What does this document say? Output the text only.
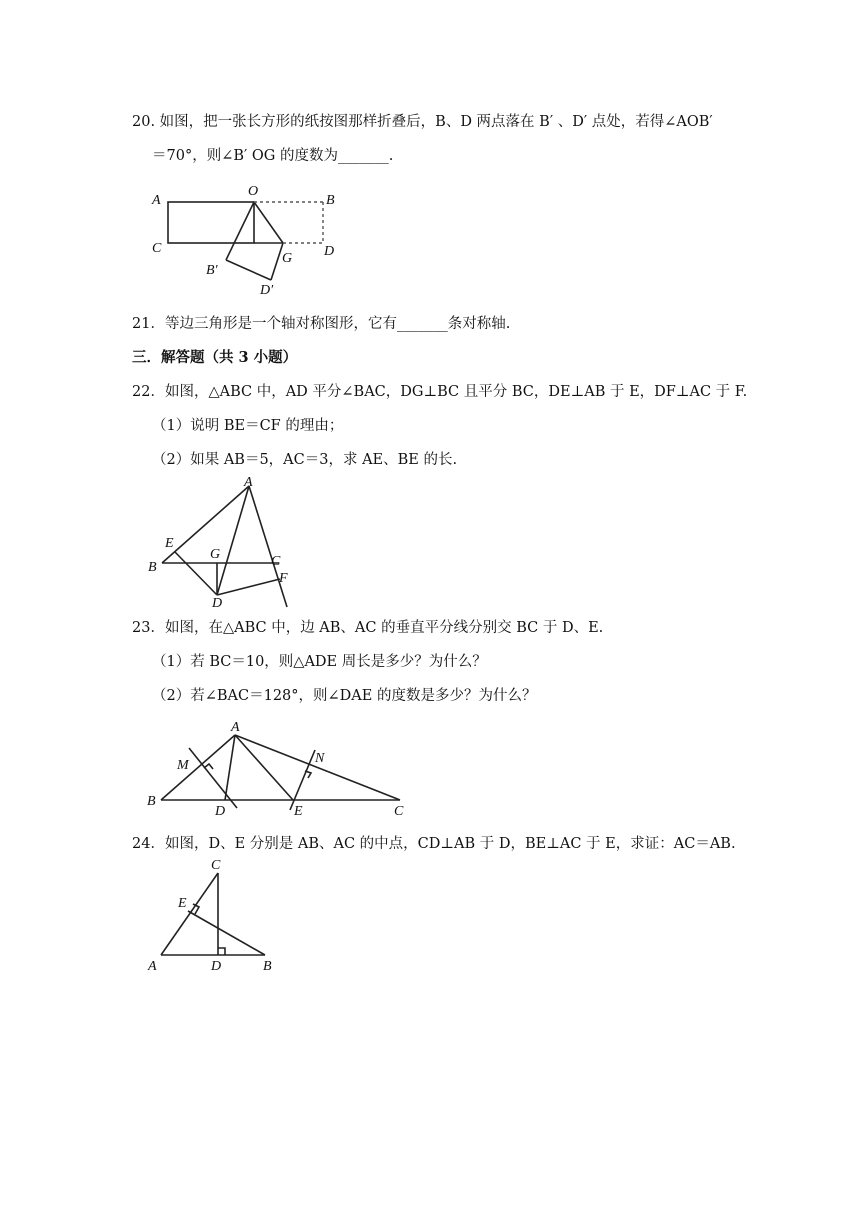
20. 如图，把一张长方形的纸按图那样折叠后，B、D 两点落在 B′ 、D′ 点处，若得∠AOB′
＝70°，则∠B′ OG 的度数为_______.
A
O
B
C
G D
B′
D′
21．等边三角形是一个轴对称图形，它有_______条对称轴.
三．解答题（共 3 小题）
22．如图，△ABC 中，AD 平分∠BAC，DG⊥BC 且平分 BC，DE⊥AB 于 E，DF⊥AC 于 F.
（1）说明 BE＝CF 的理由；
（2）如果 AB＝5，AC＝3，求 AE、BE 的长.
A
E
G
B	C
F
D
23．如图，在△ABC 中，边 AB、AC 的垂直平分线分别交 BC 于 D、E.
（1）若 BC＝10，则△ADE 周长是多少？为什么？
（2）若∠BAC＝128°，则∠DAE 的度数是多少？为什么？
A
M	N
B
D	E	C
24．如图，D、E 分别是 AB、AC 的中点，CD⊥AB 于 D，BE⊥AC 于 E，求证：AC＝AB.
C
E
A	D	B
